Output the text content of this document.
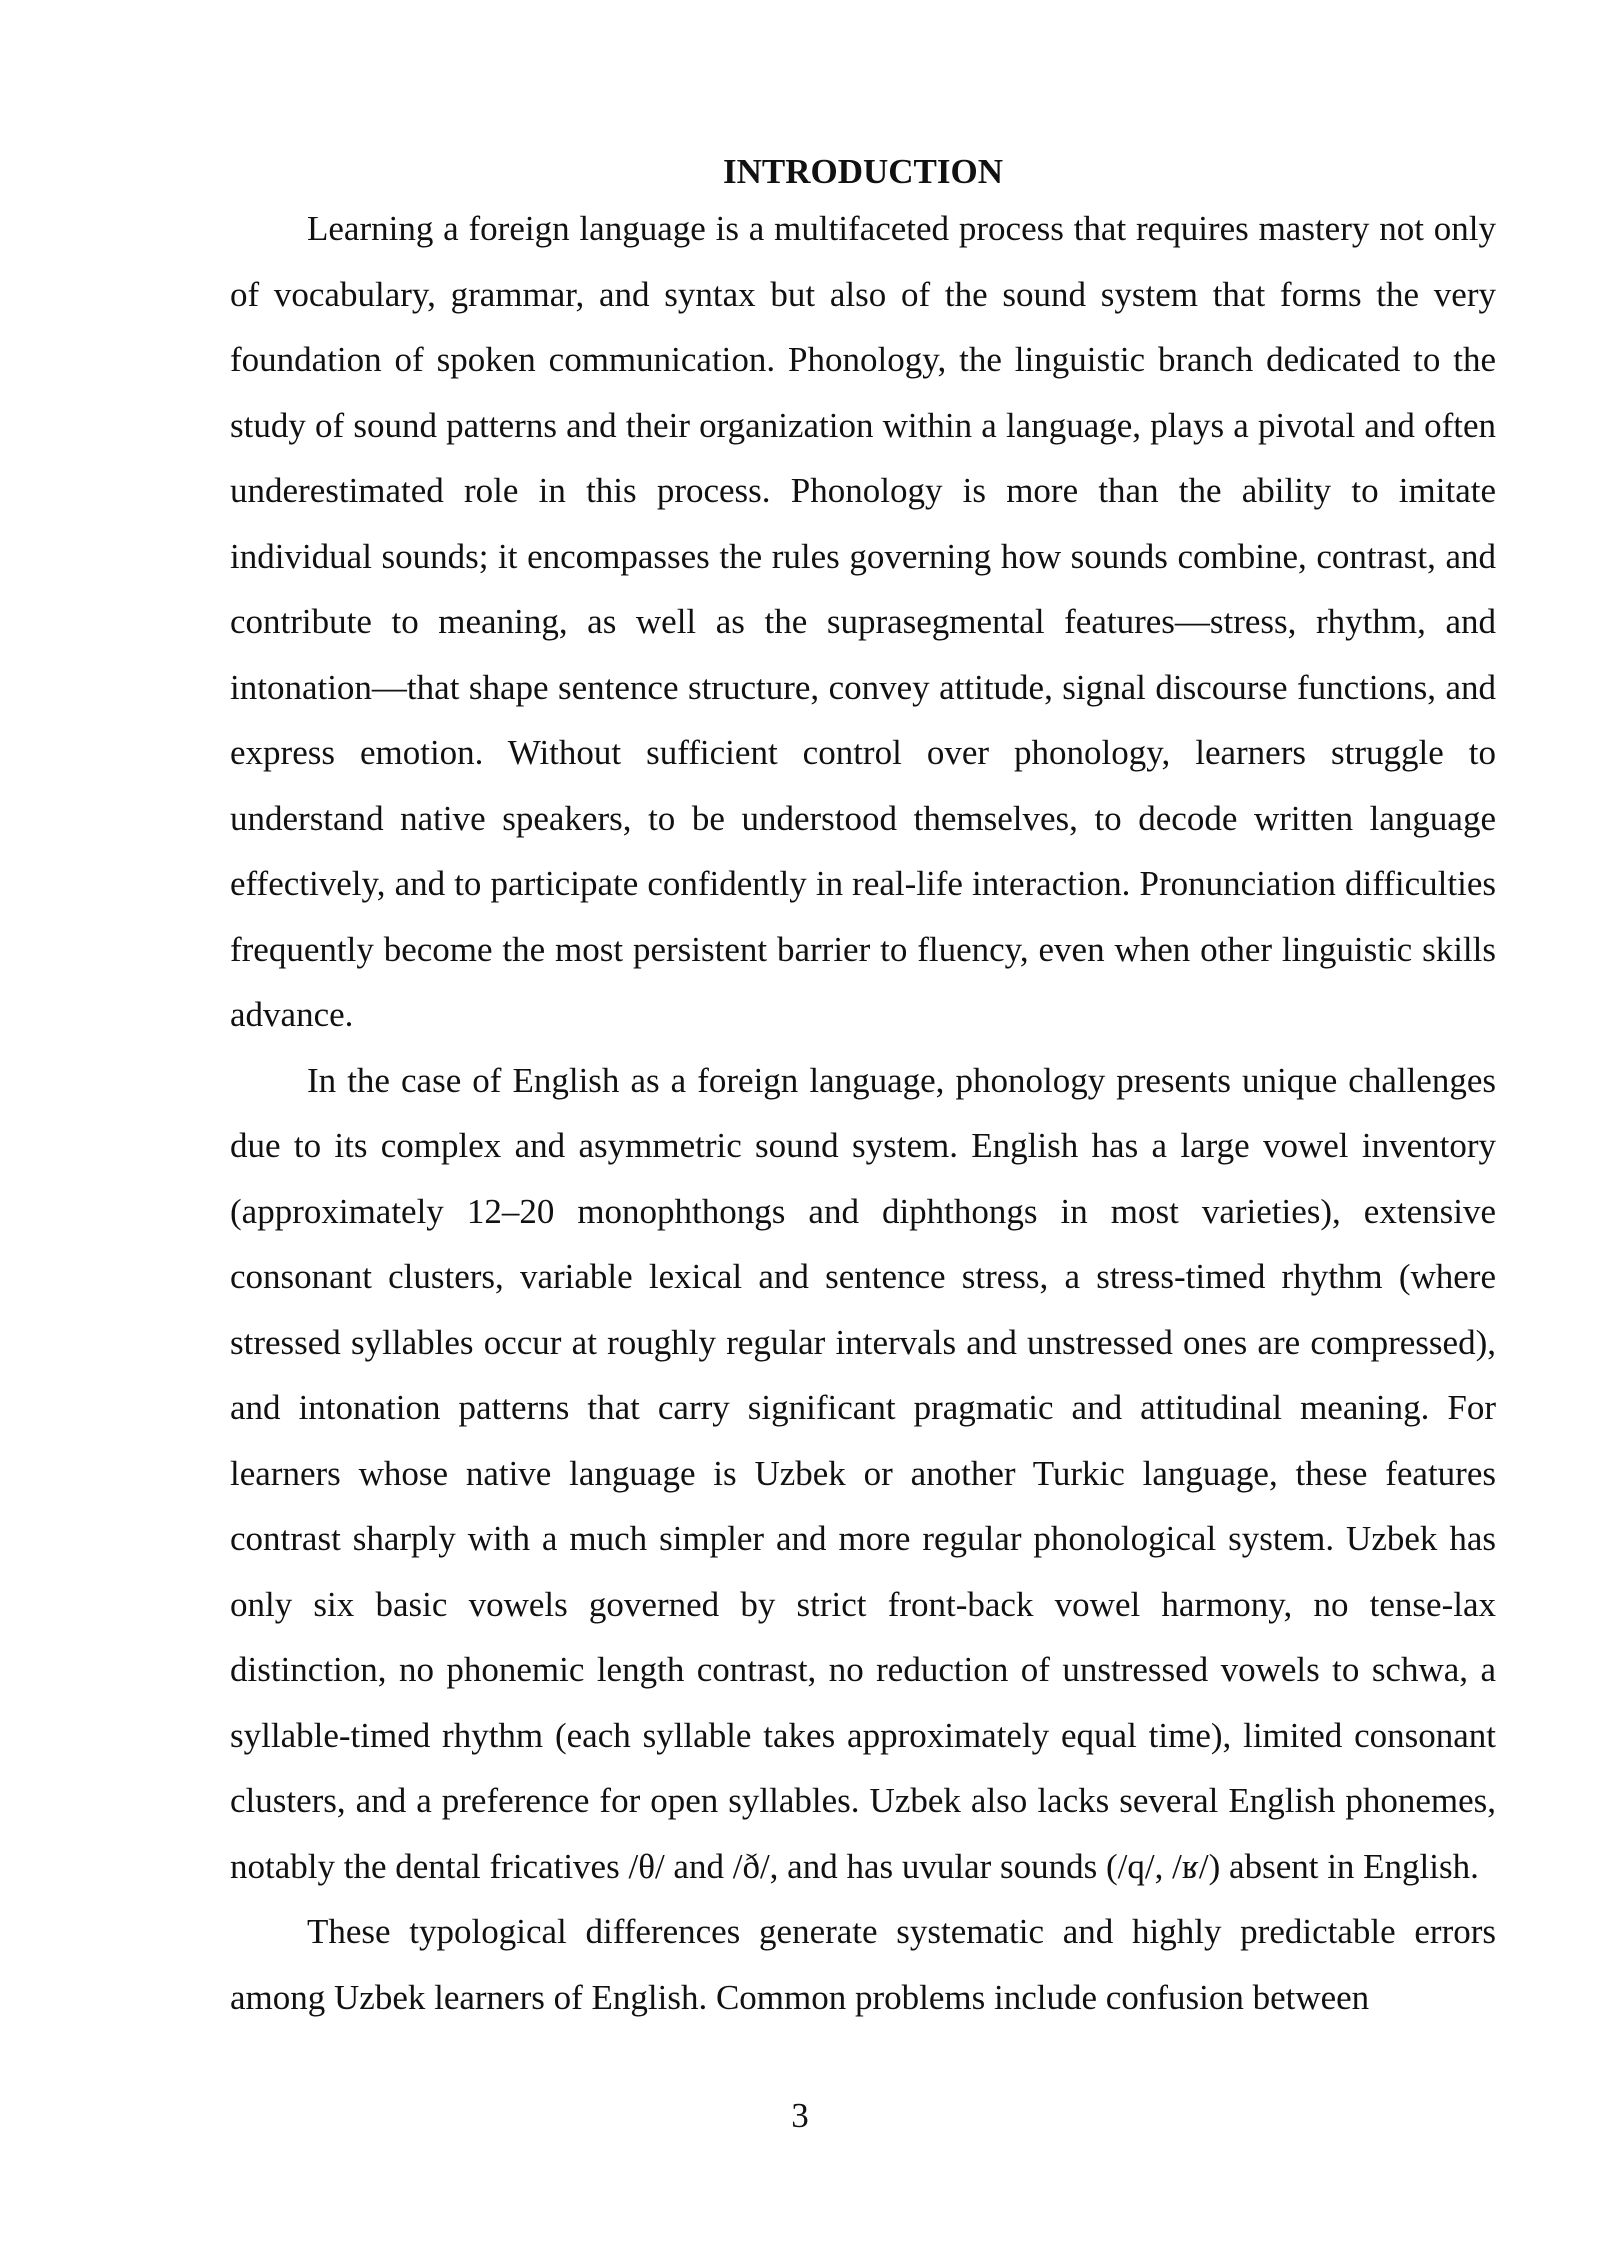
INTRODUCTION

Learning a foreign language is a multifaceted process that requires mastery not only of vocabulary, grammar, and syntax but also of the sound system that forms the very foundation of spoken communication. Phonology, the linguistic branch dedicated to the study of sound patterns and their organization within a language, plays a pivotal and often underestimated role in this process. Phonology is more than the ability to imitate individual sounds; it encompasses the rules governing how sounds combine, contrast, and contribute to meaning, as well as the suprasegmental features—stress, rhythm, and intonation—that shape sentence structure, convey attitude, signal discourse functions, and express emotion. Without sufficient control over phonology, learners struggle to understand native speakers, to be understood themselves, to decode written language effectively, and to participate confidently in real-life interaction. Pronunciation difficulties frequently become the most persistent barrier to fluency, even when other linguistic skills advance.

In the case of English as a foreign language, phonology presents unique challenges due to its complex and asymmetric sound system. English has a large vowel inventory (approximately 12–20 monophthongs and diphthongs in most varieties), extensive consonant clusters, variable lexical and sentence stress, a stress-timed rhythm (where stressed syllables occur at roughly regular intervals and unstressed ones are compressed), and intonation patterns that carry significant pragmatic and attitudinal meaning. For learners whose native language is Uzbek or another Turkic language, these features contrast sharply with a much simpler and more regular phonological system. Uzbek has only six basic vowels governed by strict front-back vowel harmony, no tense-lax distinction, no phonemic length contrast, no reduction of unstressed vowels to schwa, a syllable-timed rhythm (each syllable takes approximately equal time), limited consonant clusters, and a preference for open syllables. Uzbek also lacks several English phonemes, notably the dental fricatives /θ/ and /ð/, and has uvular sounds (/q/, /ʁ/) absent in English.

These typological differences generate systematic and highly predictable errors among Uzbek learners of English. Common problems include confusion between

3
